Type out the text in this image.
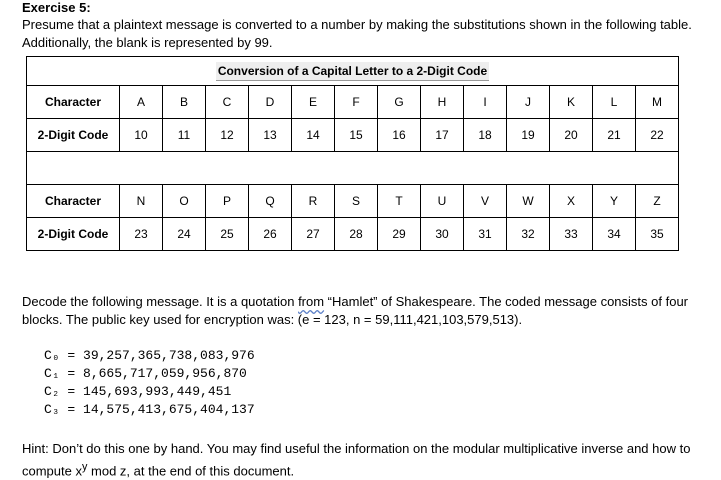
Exercise 5:
Presume that a plaintext message is converted to a number by making the substitutions shown in the following table. Additionally, the blank is represented by 99.
Conversion of a Capital Letter to a 2-Digit Code													
Character	A	B	C	D	E	F	G	H	I	J	K	L	M
2-Digit Code	10	11	12	13	14	15	16	17	18	19	20	21	22

Character	N	O	P	Q	R	S	T	U	V	W	X	Y	Z
2-Digit Code	23	24	25	26	27	28	29	30	31	32	33	34	35
Decode the following message. It is a quotation from “Hamlet” of Shakespeare. The coded message consists of four blocks. The public key used for encryption was: (e = 123, n = 59,111,421,103,579,513).
C₀ = 39,257,365,738,083,976
C₁ = 8,665,717,059,956,870
C₂ = 145,693,993,449,451
C₃ = 14,575,413,675,404,137
Hint: Don’t do this one by hand. You may find useful the information on the modular multiplicative inverse and how to compute $x^y$ mod z, at the end of this document.
